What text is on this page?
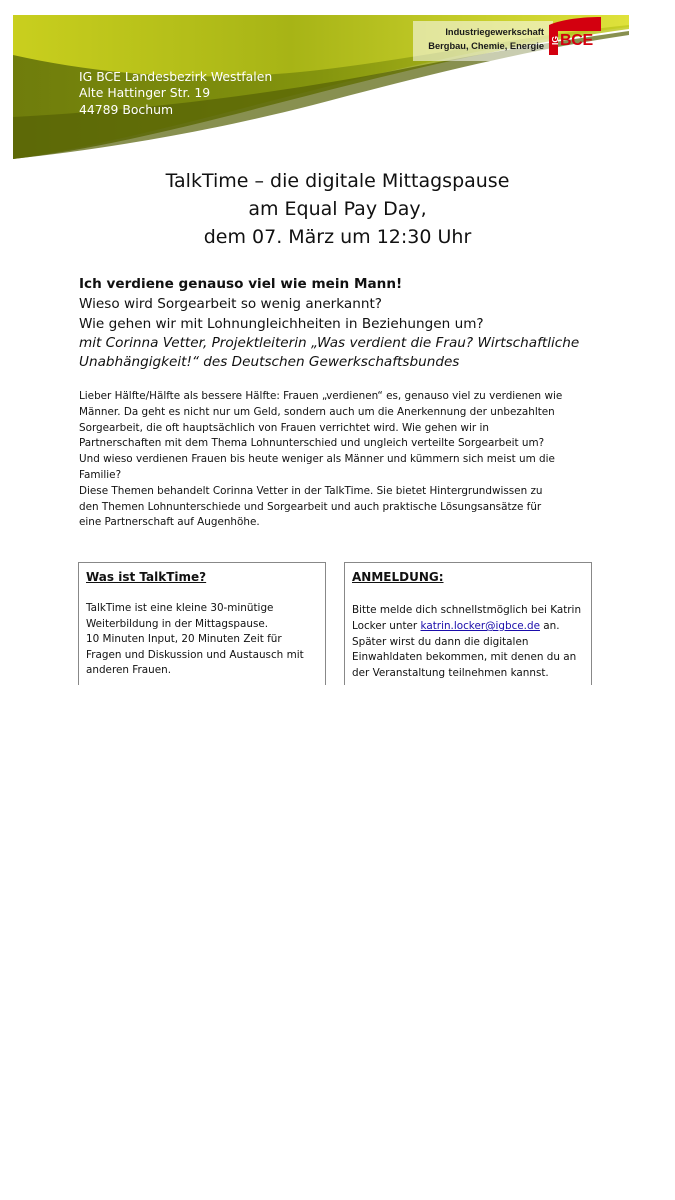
IG BCE Landesbezirk Westfalen
Alte Hattinger Str. 19
44789 Bochum
Industriegewerkschaft
Bergbau, Chemie, Energie
IG BCE
TalkTime – die digitale Mittagspause
am Equal Pay Day,
dem 07. März um 12:30 Uhr
Ich verdiene genauso viel wie mein Mann!
Wieso wird Sorgearbeit so wenig anerkannt?
Wie gehen wir mit Lohnungleichheiten in Beziehungen um?
mit Corinna Vetter, Projektleiterin „Was verdient die Frau? Wirtschaftliche
Unabhängigkeit!“ des Deutschen Gewerkschaftsbundes
Lieber Hälfte/Hälfte als bessere Hälfte: Frauen „verdienen“ es, genauso viel zu verdienen wie
Männer. Da geht es nicht nur um Geld, sondern auch um die Anerkennung der unbezahlten
Sorgearbeit, die oft hauptsächlich von Frauen verrichtet wird. Wie gehen wir in
Partnerschaften mit dem Thema Lohnunterschied und ungleich verteilte Sorgearbeit um?
Und wieso verdienen Frauen bis heute weniger als Männer und kümmern sich meist um die
Familie?
Diese Themen behandelt Corinna Vetter in der TalkTime. Sie bietet Hintergrundwissen zu
den Themen Lohnunterschiede und Sorgearbeit und auch praktische Lösungsansätze für
eine Partnerschaft auf Augenhöhe.
Was ist TalkTime?
TalkTime ist eine kleine 30-minütige
Weiterbildung in der Mittagspause.
10 Minuten Input, 20 Minuten Zeit für
Fragen und Diskussion und Austausch mit
anderen Frauen.
ANMELDUNG:
Bitte melde dich schnellstmöglich bei Katrin
Locker unter katrin.locker@igbce.de an.
Später wirst du dann die digitalen
Einwahldaten bekommen, mit denen du an
der Veranstaltung teilnehmen kannst.
